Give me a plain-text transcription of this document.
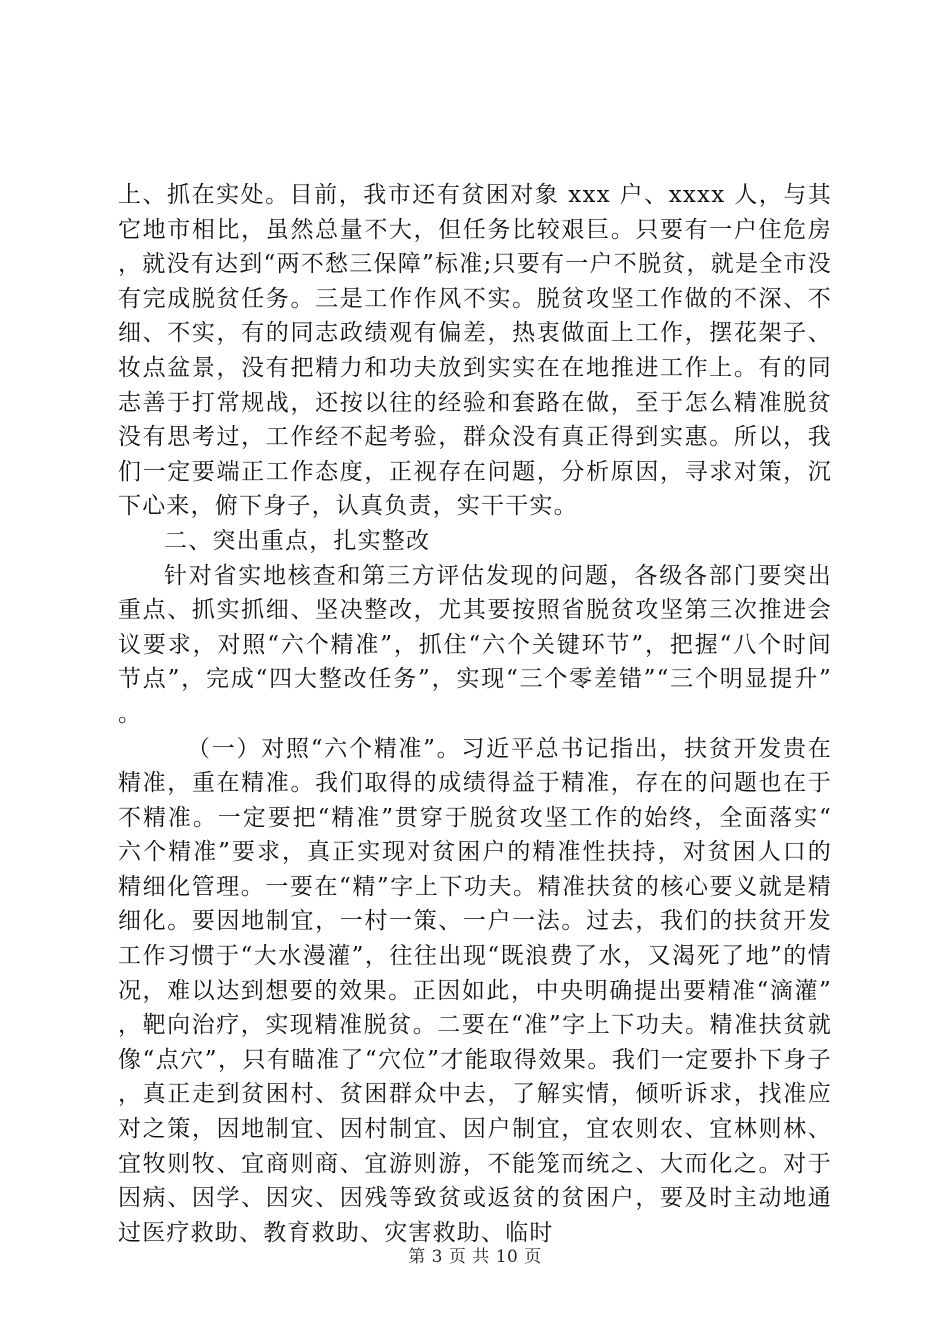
上、抓在实处。目前，我市还有贫困对象 xxx 户、xxxx 人，与其它地市相比，虽然总量不大，但任务比较艰巨。只要有一户住危房，就没有达到“两不愁三保障”标准;只要有一户不脱贫，就是全市没有完成脱贫任务。三是工作作风不实。脱贫攻坚工作做的不深、不细、不实，有的同志政绩观有偏差，热衷做面上工作，摆花架子、妆点盆景，没有把精力和功夫放到实实在在地推进工作上。有的同志善于打常规战，还按以往的经验和套路在做，至于怎么精准脱贫没有思考过，工作经不起考验，群众没有真正得到实惠。所以，我们一定要端正工作态度，正视存在问题，分析原因，寻求对策，沉下心来，俯下身子，认真负责，实干干实。

二、突出重点，扎实整改

针对省实地核查和第三方评估发现的问题，各级各部门要突出重点、抓实抓细、坚决整改，尤其要按照省脱贫攻坚第三次推进会议要求，对照“六个精准”，抓住“六个关键环节”，把握“八个时间节点”，完成“四大整改任务”，实现“三个零差错”“三个明显提升”。

（一）对照“六个精准”。习近平总书记指出，扶贫开发贵在精准，重在精准。我们取得的成绩得益于精准，存在的问题也在于不精准。一定要把“精准”贯穿于脱贫攻坚工作的始终，全面落实“六个精准”要求，真正实现对贫困户的精准性扶持，对贫困人口的精细化管理。一要在“精”字上下功夫。精准扶贫的核心要义就是精细化。要因地制宜，一村一策、一户一法。过去，我们的扶贫开发工作习惯于“大水漫灌”，往往出现“既浪费了水，又渴死了地”的情况，难以达到想要的效果。正因如此，中央明确提出要精准“滴灌”，靶向治疗，实现精准脱贫。二要在“准”字上下功夫。精准扶贫就像“点穴”，只有瞄准了“穴位”才能取得效果。我们一定要扑下身子，真正走到贫困村、贫困群众中去，了解实情，倾听诉求，找准应对之策，因地制宜、因村制宜、因户制宜，宜农则农、宜林则林、宜牧则牧、宜商则商、宜游则游，不能笼而统之、大而化之。对于因病、因学、因灾、因残等致贫或返贫的贫困户，要及时主动地通过医疗救助、教育救助、灾害救助、临时

第 3 页 共 10 页
